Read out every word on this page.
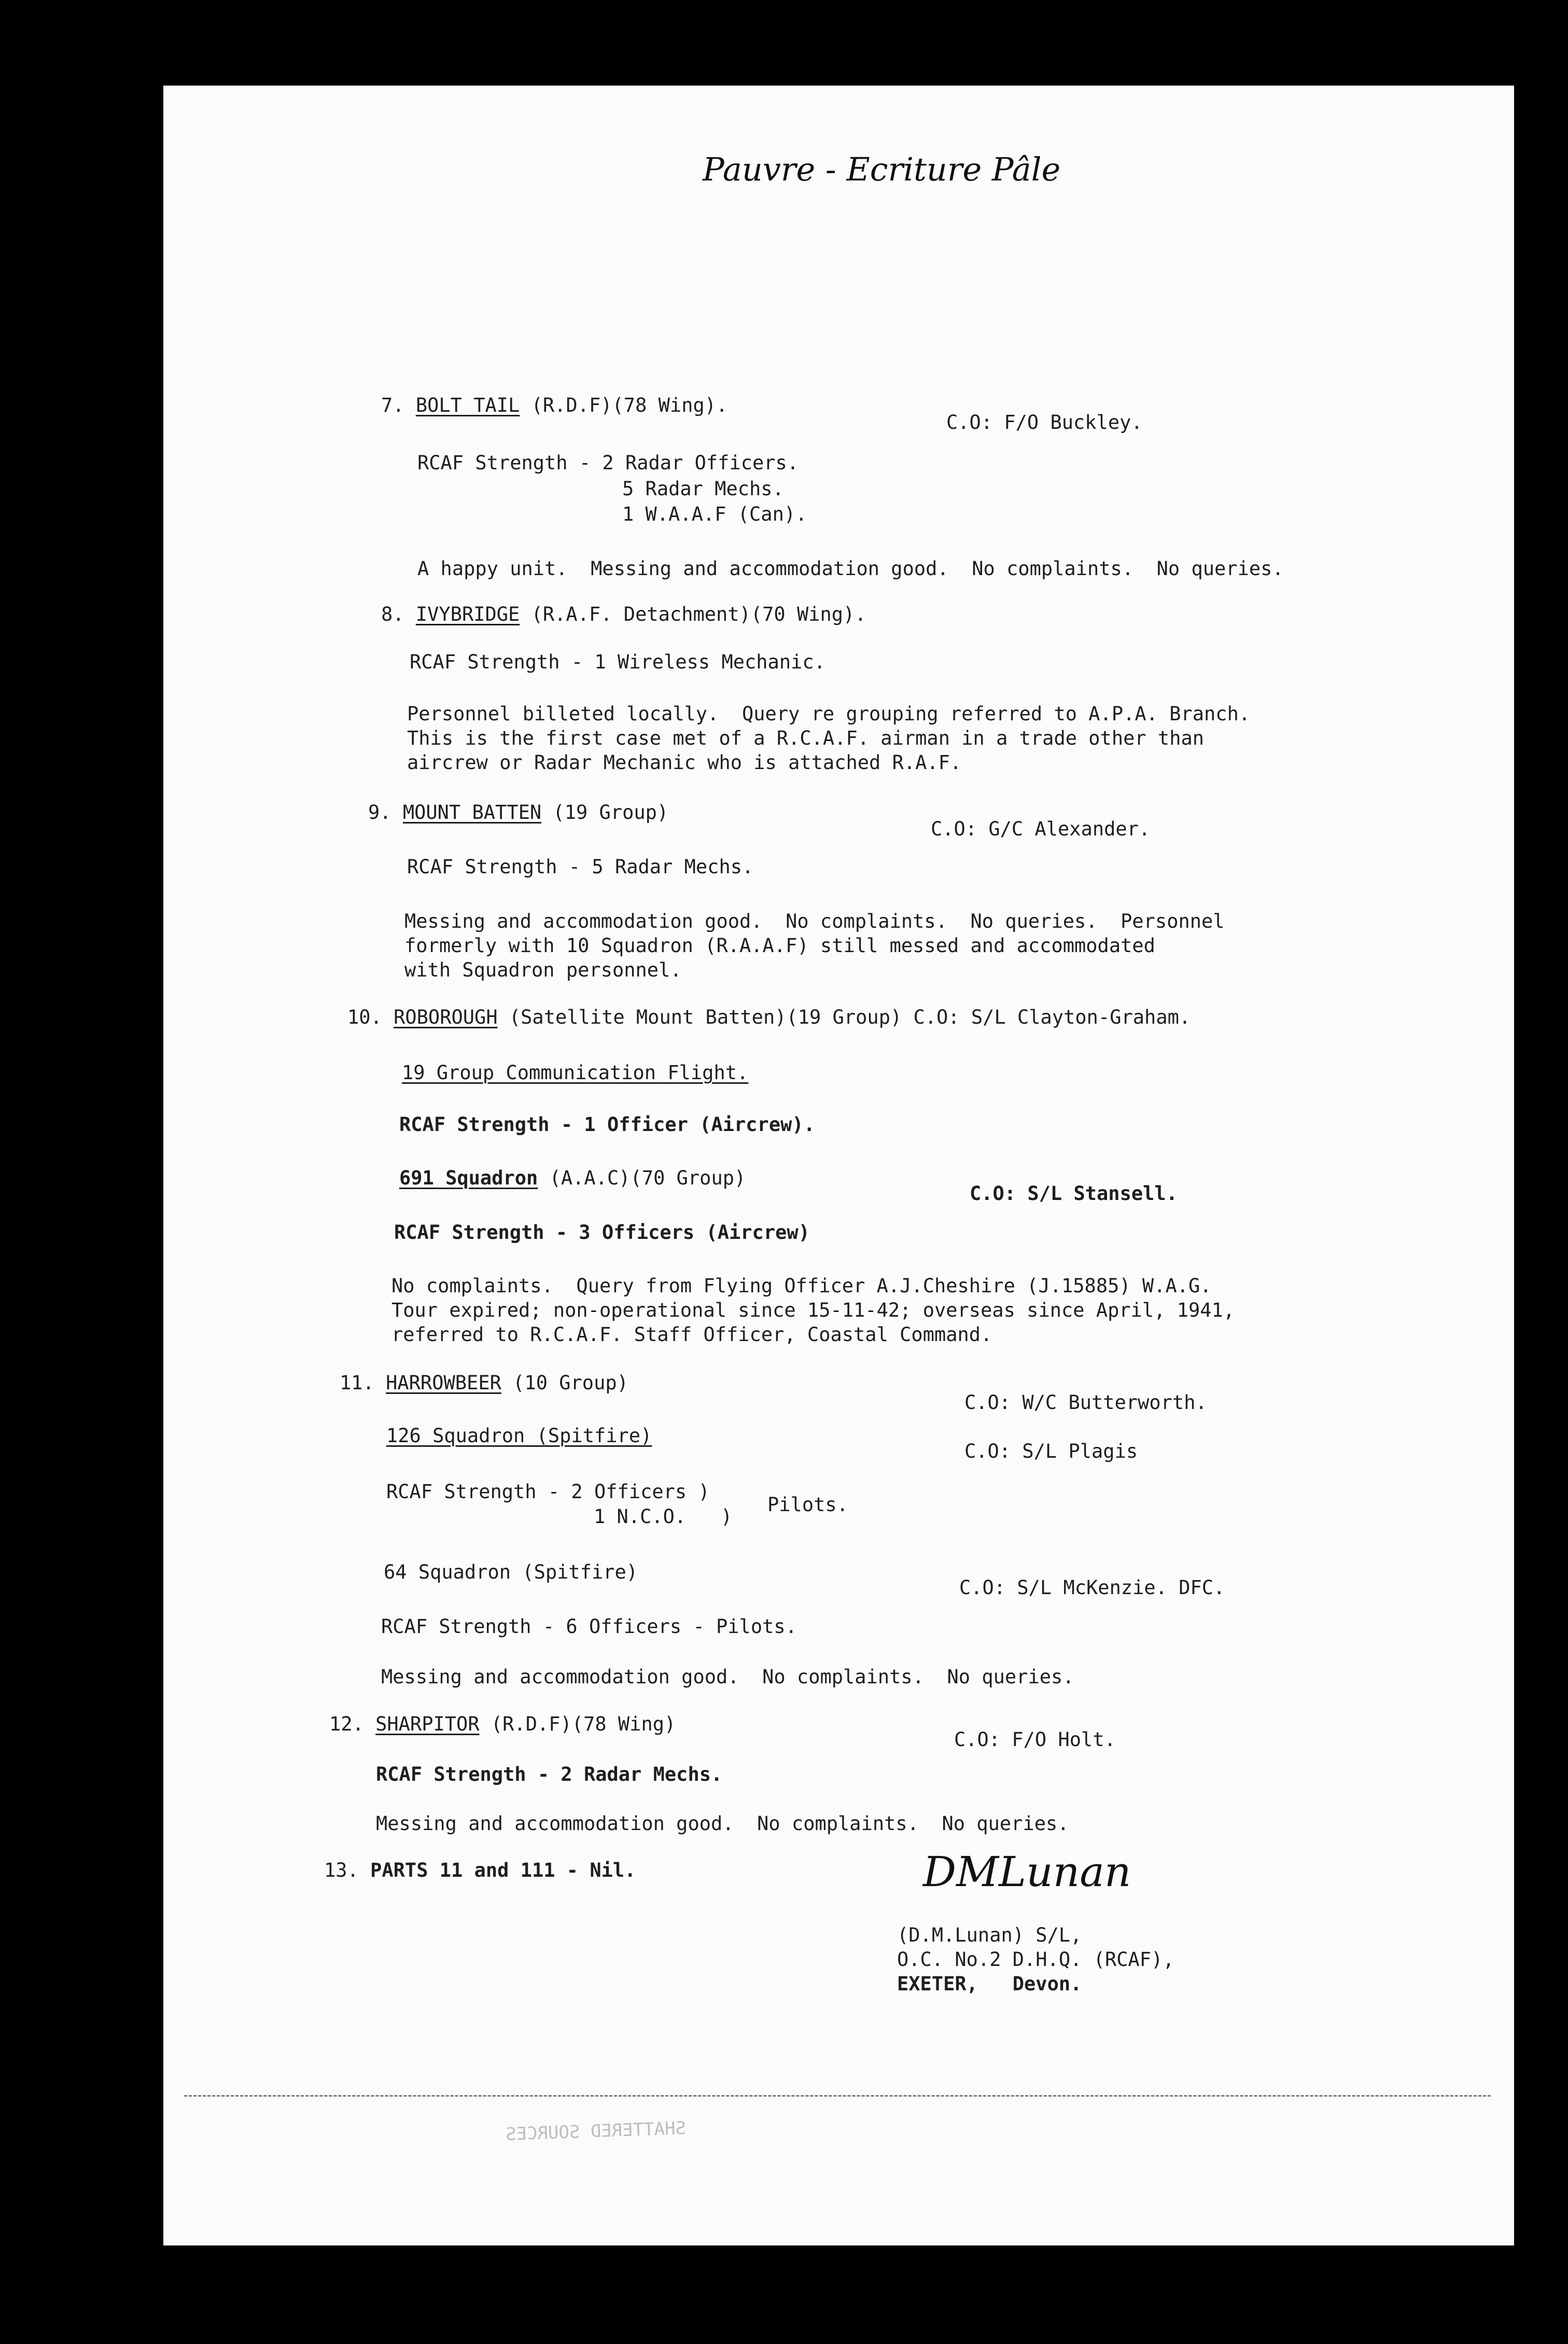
Pauvre - Ecriture Pâle
7. BOLT TAIL (R.D.F)(78 Wing).
C.O: F/O Buckley.
RCAF Strength - 2 Radar Officers.
5 Radar Mechs.
1 W.A.A.F (Can).
A happy unit.  Messing and accommodation good.  No complaints.  No queries.
8. IVYBRIDGE (R.A.F. Detachment)(70 Wing).
RCAF Strength - 1 Wireless Mechanic.
Personnel billeted locally.  Query re grouping referred to A.P.A. Branch.
This is the first case met of a R.C.A.F. airman in a trade other than
aircrew or Radar Mechanic who is attached R.A.F.
9. MOUNT BATTEN (19 Group)
C.O: G/C Alexander.
RCAF Strength - 5 Radar Mechs.
Messing and accommodation good.  No complaints.  No queries.  Personnel
formerly with 10 Squadron (R.A.A.F) still messed and accommodated
with Squadron personnel.
10. ROBOROUGH (Satellite Mount Batten)(19 Group) C.O: S/L Clayton-Graham.
19 Group Communication Flight.
RCAF Strength - 1 Officer (Aircrew).
691 Squadron (A.A.C)(70 Group)
C.O: S/L Stansell.
RCAF Strength - 3 Officers (Aircrew)
No complaints.  Query from Flying Officer A.J.Cheshire (J.15885) W.A.G.
Tour expired; non-operational since 15-11-42; overseas since April, 1941,
referred to R.C.A.F. Staff Officer, Coastal Command.
11. HARROWBEER (10 Group)
C.O: W/C Butterworth.
126 Squadron (Spitfire)
C.O: S/L Plagis
RCAF Strength - 2 Officers )
1 N.C.O.   )
Pilots.
64 Squadron (Spitfire)
C.O: S/L McKenzie. DFC.
RCAF Strength - 6 Officers - Pilots.
Messing and accommodation good.  No complaints.  No queries.
12. SHARPITOR (R.D.F)(78 Wing)
C.O: F/O Holt.
RCAF Strength - 2 Radar Mechs.
Messing and accommodation good.  No complaints.  No queries.
13. PARTS 11 and 111 - Nil.	DMLunan
(D.M.Lunan) S/L,
O.C. No.2 D.H.Q. (RCAF),
EXETER,   Devon.
SHATTERED SOURCES
